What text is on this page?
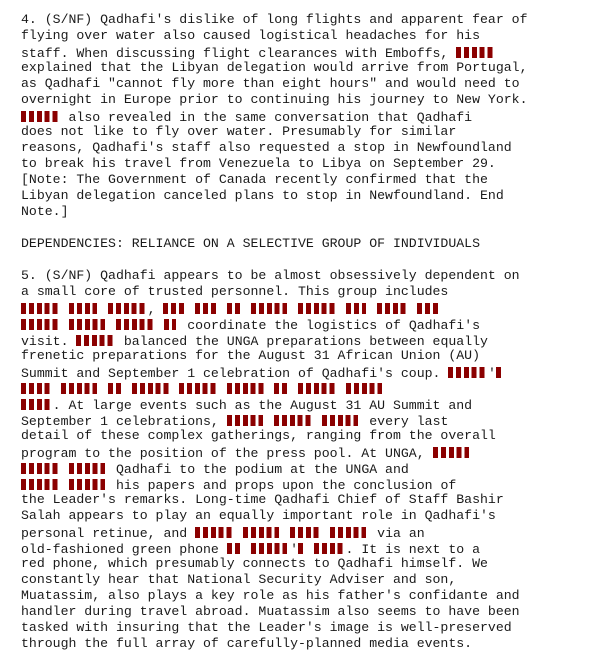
4. (S/NF) Qadhafi's dislike of long flights and apparent fear of
flying over water also caused logistical headaches for his
staff. When discussing flight clearances with Emboffs,
explained that the Libyan delegation would arrive from Portugal,
as Qadhafi "cannot fly more than eight hours" and would need to
overnight in Europe prior to continuing his journey to New York.
also revealed in the same conversation that Qadhafi
does not like to fly over water. Presumably for similar
reasons, Qadhafi's staff also requested a stop in Newfoundland
to break his travel from Venezuela to Libya on September 29.
[Note: The Government of Canada recently confirmed that the
Libyan delegation canceled plans to stop in Newfoundland. End
Note.]
DEPENDENCIES: RELIANCE ON A SELECTIVE GROUP OF INDIVIDUALS
5. (S/NF) Qadhafi appears to be almost obsessively dependent on
a small core of trusted personnel. This group includes
,
coordinate the logistics of Qadhafi's
visit.	balanced the UNGA preparations between equally
frenetic preparations for the August 31 African Union (AU)
Summit and September 1 celebration of Qadhafi's coup.	'

. At large events such as the August 31 AU Summit and
September 1 celebrations,	every last
detail of these complex gatherings, ranging from the overall
program to the position of the press pool. At UNGA,
Qadhafi to the podium at the UNGA and
his papers and props upon the conclusion of
the Leader's remarks. Long-time Qadhafi Chief of Staff Bashir
Salah appears to play an equally important role in Qadhafi's
personal retinue, and	via an
old-fashioned green phone	'	. It is next to a
red phone, which presumably connects to Qadhafi himself. We
constantly hear that National Security Adviser and son,
Muatassim, also plays a key role as his father's confidante and
handler during travel abroad. Muatassim also seems to have been
tasked with insuring that the Leader's image is well-preserved
through the full array of carefully-planned media events.
